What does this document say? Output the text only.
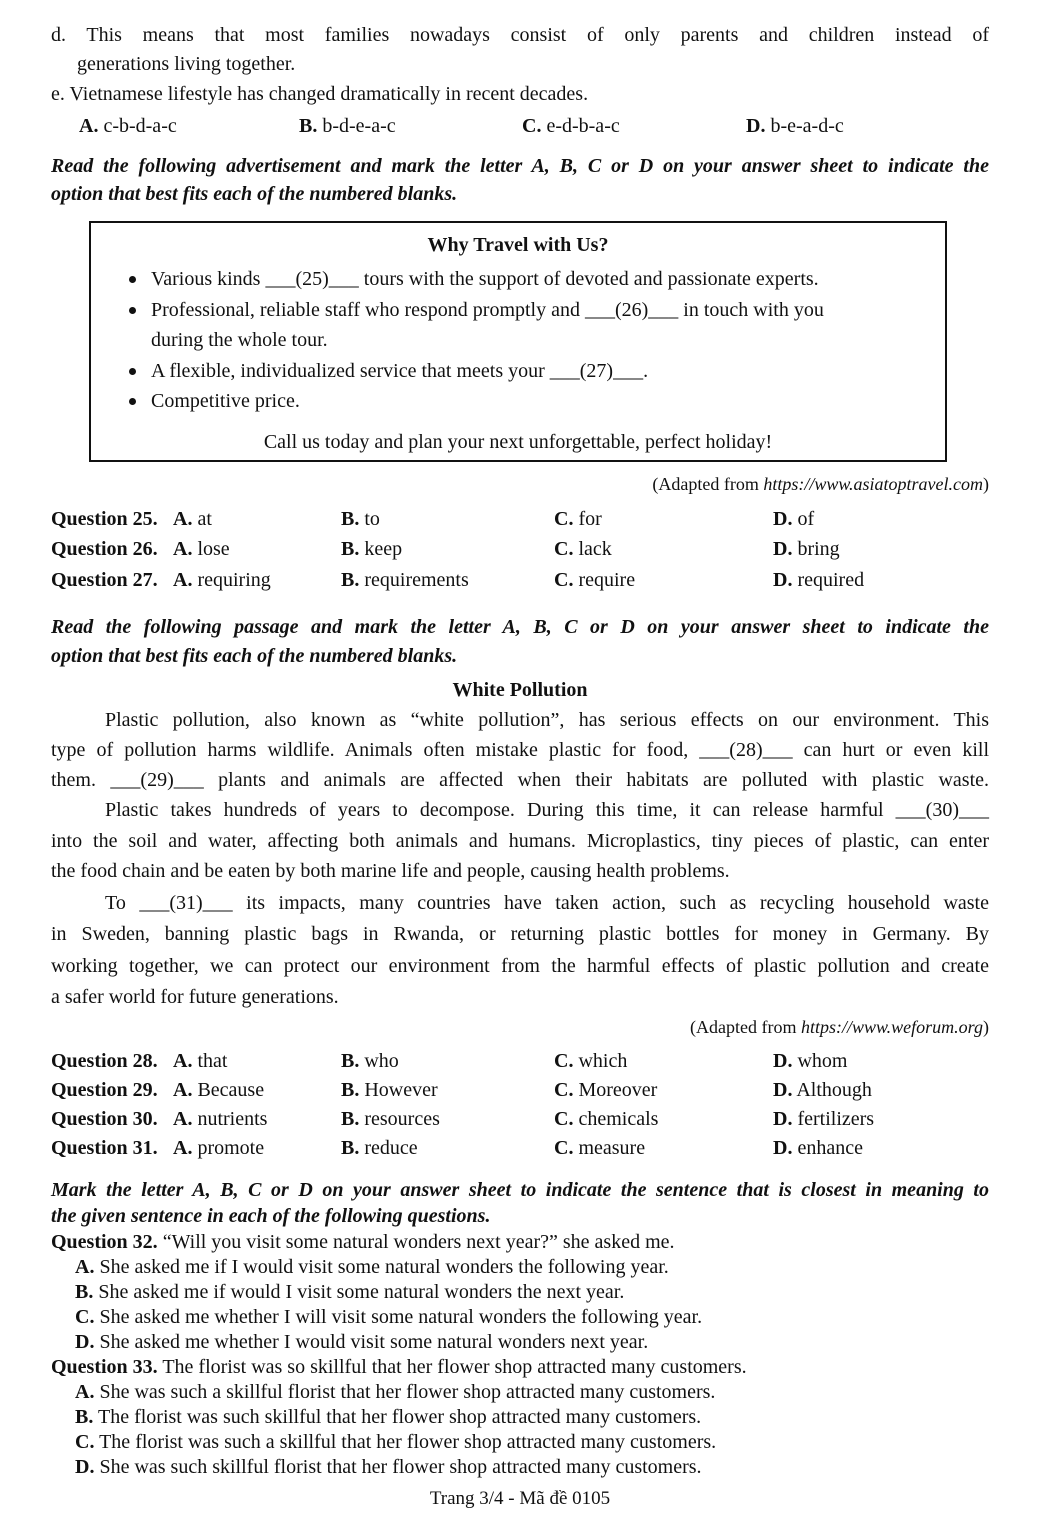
d. This means that most families nowadays consist of only parents and children instead of
generations living together.
e. Vietnamese lifestyle has changed dramatically in recent decades.
A. c-b-d-a-c	B. b-d-e-a-c	C. e-d-b-a-c	D. b-e-a-d-c
Read the following advertisement and mark the letter A, B, C or D on your answer sheet to indicate the
option that best fits each of the numbered blanks.
Why Travel with Us?
Various kinds ___(25)___ tours with the support of devoted and passionate experts.
Professional, reliable staff who respond promptly and ___(26)___ in touch with you
during the whole tour.
A flexible, individualized service that meets your ___(27)___.
Competitive price.
Call us today and plan your next unforgettable, perfect holiday!
(Adapted from https://www.asiatoptravel.com)
Question 25. A. at	B. to	C. for	D. of
Question 26. A. lose	B. keep	C. lack	D. bring
Question 27. A. requiring	B. requirements	C. require	D. required
Read the following passage and mark the letter A, B, C or D on your answer sheet to indicate the
option that best fits each of the numbered blanks.
White Pollution
Plastic pollution, also known as “white pollution”, has serious effects on our environment. This
type of pollution harms wildlife. Animals often mistake plastic for food, ___(28)___ can hurt or even kill
them. ___(29)___ plants and animals are affected when their habitats are polluted with plastic waste.
Plastic takes hundreds of years to decompose. During this time, it can release harmful ___(30)___
into the soil and water, affecting both animals and humans. Microplastics, tiny pieces of plastic, can enter
the food chain and be eaten by both marine life and people, causing health problems.
To ___(31)___ its impacts, many countries have taken action, such as recycling household waste
in Sweden, banning plastic bags in Rwanda, or returning plastic bottles for money in Germany. By
working together, we can protect our environment from the harmful effects of plastic pollution and create
a safer world for future generations.
(Adapted from https://www.weforum.org)
Question 28. A. that	B. who	C. which	D. whom
Question 29. A. Because	B. However	C. Moreover	D. Although
Question 30. A. nutrients	B. resources	C. chemicals	D. fertilizers
Question 31. A. promote	B. reduce	C. measure	D. enhance
Mark the letter A, B, C or D on your answer sheet to indicate the sentence that is closest in meaning to
the given sentence in each of the following questions.
Question 32. “Will you visit some natural wonders next year?” she asked me.
A. She asked me if I would visit some natural wonders the following year.
B. She asked me if would I visit some natural wonders the next year.
C. She asked me whether I will visit some natural wonders the following year.
D. She asked me whether I would visit some natural wonders next year.
Question 33. The florist was so skillful that her flower shop attracted many customers.
A. She was such a skillful florist that her flower shop attracted many customers.
B. The florist was such skillful that her flower shop attracted many customers.
C. The florist was such a skillful that her flower shop attracted many customers.
D. She was such skillful florist that her flower shop attracted many customers.
Trang 3/4 - Mã đề 0105
